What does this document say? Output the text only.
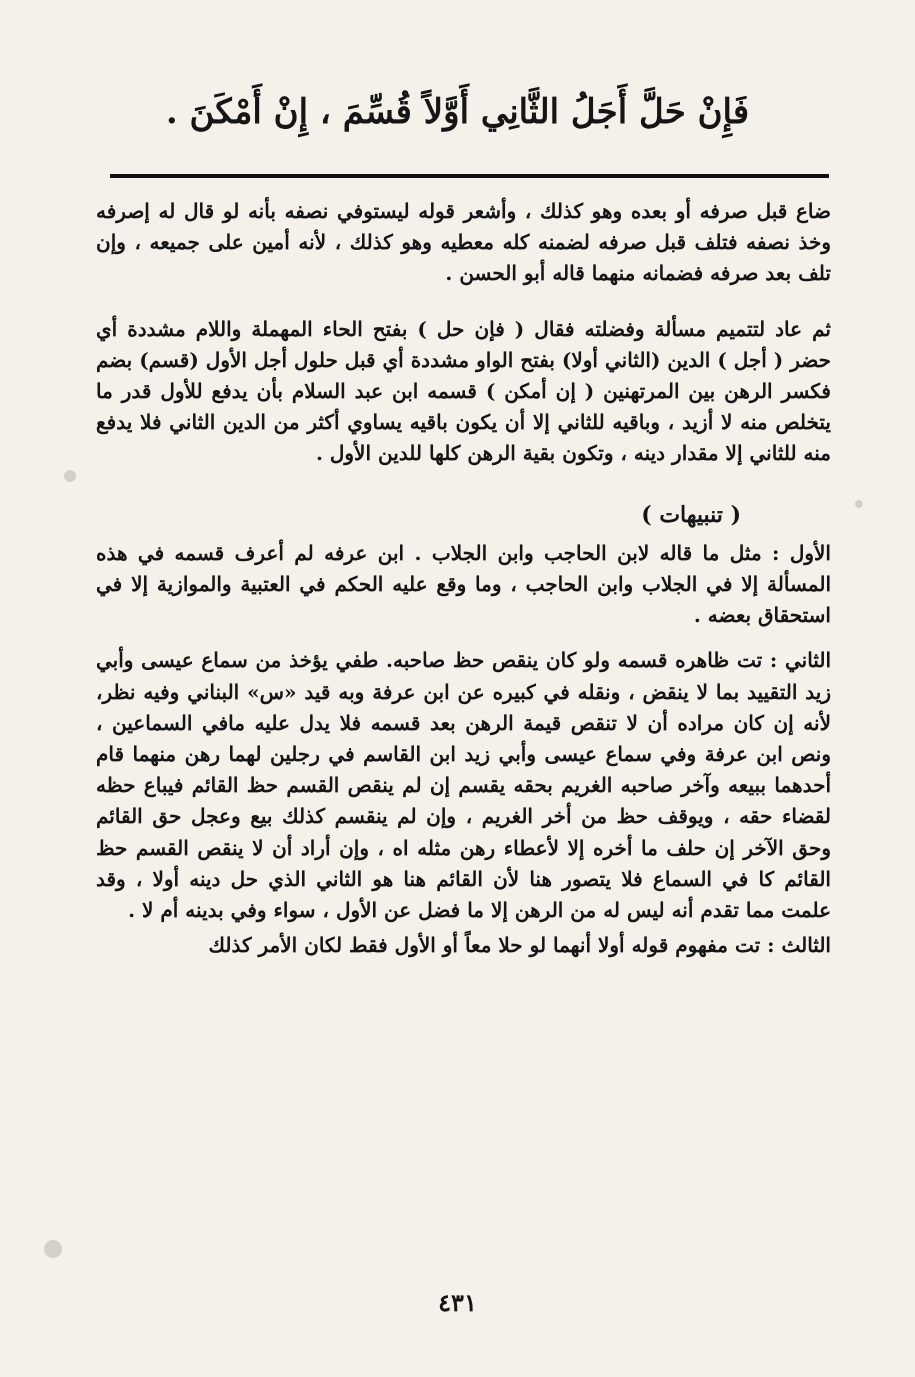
فَإِنْ حَلَّ أَجَلُ الثَّانِي أَوَّلاً قُسِّمَ ، إِنْ أَمْكَنَ .

ضاع قبل صرفه أو بعده وهو كذلك ، وأشعر قوله ليستوفي نصفه بأنه لو قال له إصرفه وخذ نصفه فتلف قبل صرفه لضمنه كله معطيه وهو كذلك ، لأنه أمين على جميعه ، وإن تلف بعد صرفه فضمانه منهما قاله أبو الحسن .

ثم عاد لتتميم مسألة وفضلته فقال ( فإن حل ) بفتح الحاء المهملة واللام مشددة أي حضر ( أجل ) الدين (الثاني أولا) بفتح الواو مشددة أي قبل حلول أجل الأول (قسم) بضم فكسر الرهن بين المرتهنين ( إن أمكن ) قسمه ابن عبد السلام بأن يدفع للأول قدر ما يتخلص منه لا أزيد ، وباقيه للثاني إلا أن يكون باقيه يساوي أكثر من الدين الثاني فلا يدفع منه للثاني إلا مقدار دينه ، وتكون بقية الرهن كلها للدين الأول .

( تنبيهات )

الأول : مثل ما قاله لابن الحاجب وابن الجلاب . ابن عرفه لم أعرف قسمه في هذه المسألة إلا في الجلاب وابن الحاجب ، وما وقع عليه الحكم في العتبية والموازية إلا في استحقاق بعضه .

الثاني : تت ظاهره قسمه ولو كان ينقص حظ صاحبه. طفي يؤخذ من سماع عيسى وأبي زيد التقييد بما لا ينقض ، ونقله في كبيره عن ابن عرفة وبه قيد «س» البناني وفيه نظر، لأنه إن كان مراده أن لا تنقص قيمة الرهن بعد قسمه فلا يدل عليه مافي السماعين ، ونص ابن عرفة وفي سماع عيسى وأبي زيد ابن القاسم في رجلين لهما رهن منهما قام أحدهما ببيعه وآخر صاحبه الغريم بحقه يقسم إن لم ينقص القسم حظ القائم فيباع حظه لقضاء حقه ، ويوقف حظ من أخر الغريم ، وإن لم ينقسم كذلك بيع وعجل حق القائم وحق الآخر إن حلف ما أخره إلا لأعطاء رهن مثله اه ، وإن أراد أن لا ينقص القسم حظ القائم كا في السماع فلا يتصور هنا لأن القائم هنا هو الثاني الذي حل دينه أولا ، وقد علمت مما تقدم أنه ليس له من الرهن إلا ما فضل عن الأول ، سواء وفي بدينه أم لا .

الثالث : تت مفهوم قوله أولا أنهما لو حلا معاً أو الأول فقط لكان الأمر كذلك

٤٣١
